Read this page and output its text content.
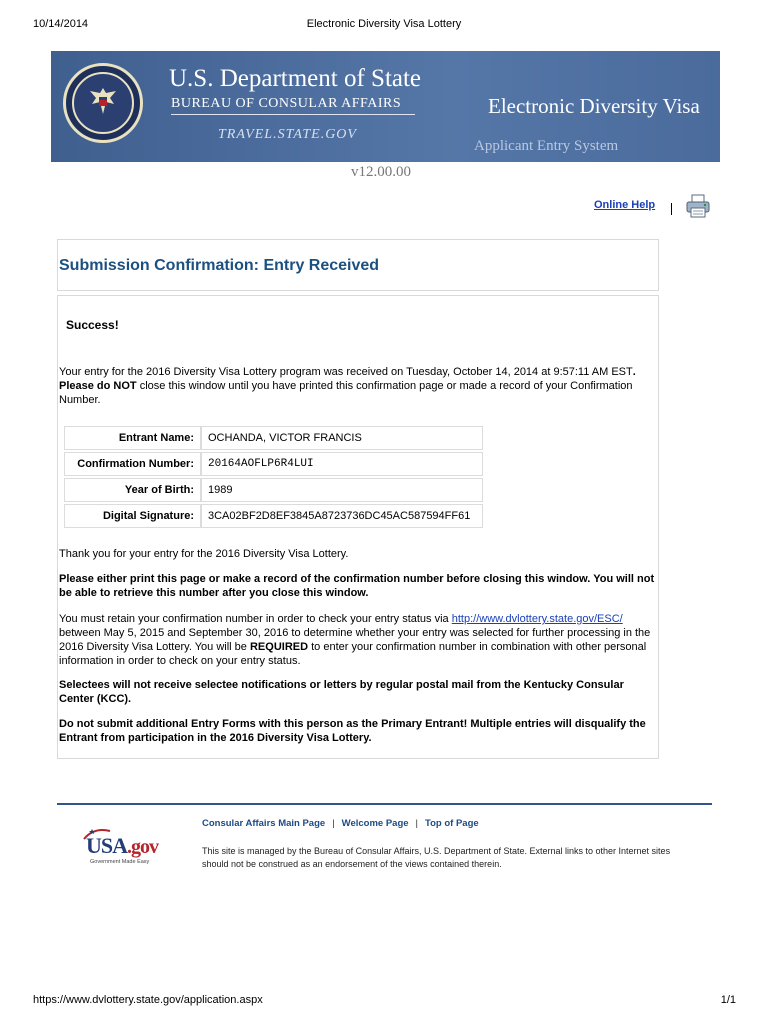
10/14/2014	Electronic Diversity Visa Lottery
U.S. Department of State
BUREAU OF CONSULAR AFFAIRS
TRAVEL.STATE.GOV
Electronic Diversity Visa
Applicant Entry System
v12.00.00
Online Help
Submission Confirmation: Entry Received
Success!
Your entry for the 2016 Diversity Visa Lottery program was received on Tuesday, October 14, 2014 at 9:57:11 AM EST. Please do NOT close this window until you have printed this confirmation page or made a record of your Confirmation Number.
Entrant Name:	OCHANDA, VICTOR FRANCIS
Confirmation Number:	20164AOFLP6R4LUI
Year of Birth:	1989
Digital Signature:	3CA02BF2D8EF3845A8723736DC45AC587594FF61
Thank you for your entry for the 2016 Diversity Visa Lottery.
Please either print this page or make a record of the confirmation number before closing this window. You will not be able to retrieve this number after you close this window.
You must retain your confirmation number in order to check your entry status via http://www.dvlottery.state.gov/ESC/ between May 5, 2015 and September 30, 2016 to determine whether your entry was selected for further processing in the 2016 Diversity Visa Lottery. You will be REQUIRED to enter your confirmation number in combination with other personal information in order to check on your entry status.
Selectees will not receive selectee notifications or letters by regular postal mail from the Kentucky Consular Center (KCC).
Do not submit additional Entry Forms with this person as the Primary Entrant! Multiple entries will disqualify the Entrant from participation in the 2016 Diversity Visa Lottery.
USA.gov
Government Made Easy
Consular Affairs Main Page | Welcome Page | Top of Page
This site is managed by the Bureau of Consular Affairs, U.S. Department of State. External links to other Internet sites should not be construed as an endorsement of the views contained therein.
https://www.dvlottery.state.gov/application.aspx	1/1
